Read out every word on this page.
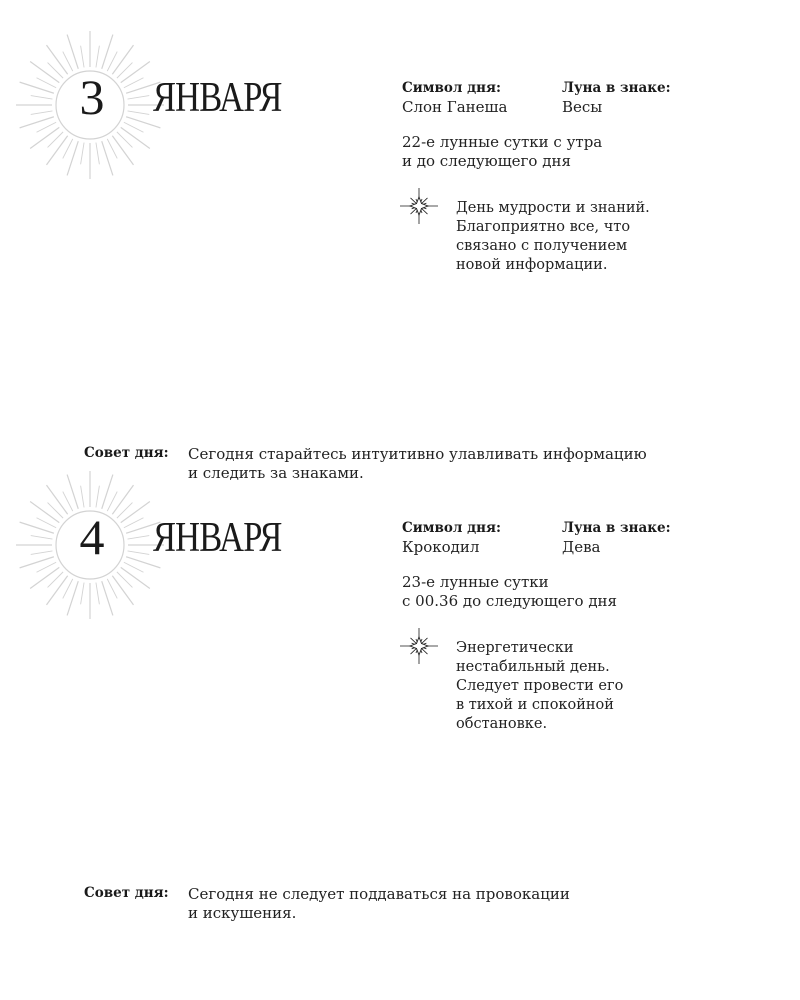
3	ЯНВАРЯ	Символ дня:	Луна в знаке:
Слон Ганеша	Весы
22-е лунные сутки с утра
и до следующего дня
День мудрости и знаний.
Благоприятно все, что
связано с получением
новой информации.
Совет дня: Сегодня старайтесь интуитивно улавливать информацию
и следить за знаками.
4	ЯНВАРЯ	Символ дня:	Луна в знаке:
Крокодил	Дева
23-е лунные сутки
с 00.36 до следующего дня
Энергетически
нестабильный день.
Следует провести его
в тихой и спокойной
обстановке.
Совет дня: Сегодня не следует поддаваться на провокации
и искушения.
